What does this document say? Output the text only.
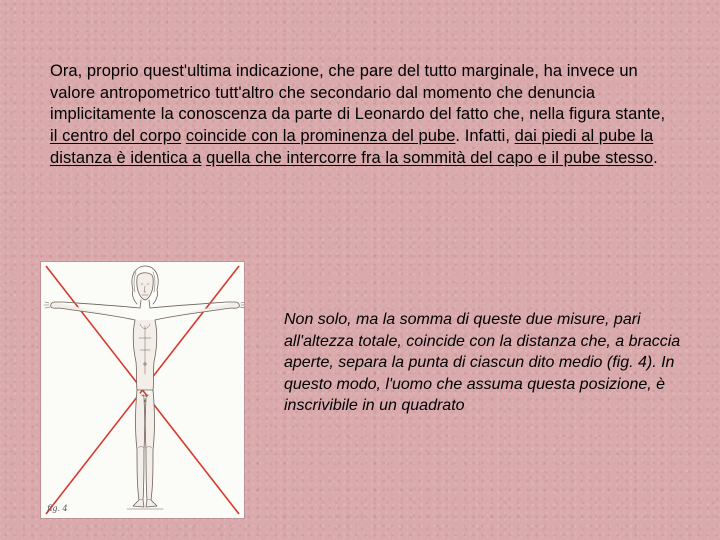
Ora, proprio quest'ultima indicazione, che pare del tutto marginale, ha invece un valore antropometrico tutt'altro che secondario dal momento che denuncia implicitamente la conoscenza da parte di Leonardo del fatto che, nella figura stante, il centro del corpo coincide con la prominenza del pube. Infatti, dai piedi al pube la distanza è identica a quella che intercorre fra la sommità del capo e il pube stesso.

fig. 4

Non solo, ma la somma di queste due misure, pari all'altezza totale, coincide con la distanza che, a braccia aperte, separa la punta di ciascun dito medio (fig. 4). In questo modo, l'uomo che assuma questa posizione, è inscrivibile in un quadrato
